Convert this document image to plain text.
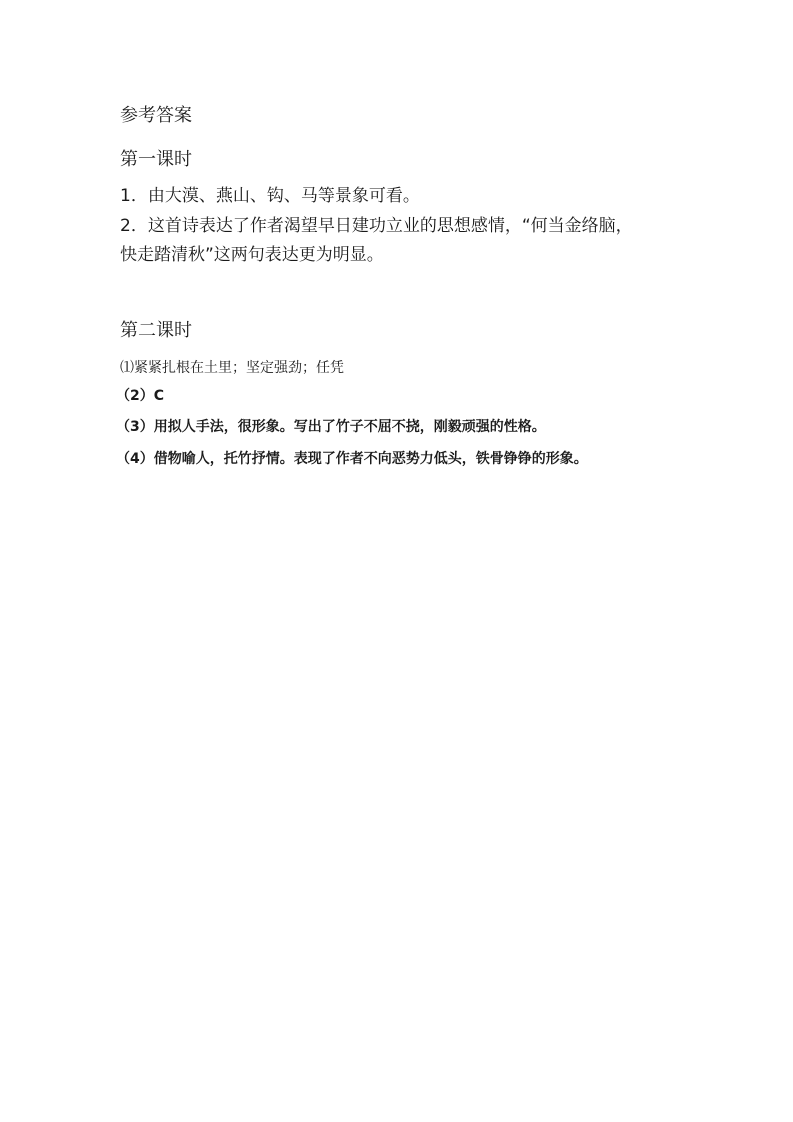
参考答案
第一课时
1．由大漠、燕山、钩、马等景象可看。
2．这首诗表达了作者渴望早日建功立业的思想感情，“何当金络脑，
快走踏清秋”这两句表达更为明显。
第二课时
⑴紧紧扎根在土里；坚定强劲；任凭
（2）C
（3）用拟人手法，很形象。写出了竹子不屈不挠，刚毅顽强的性格。
（4）借物喻人，托竹抒情。表现了作者不向恶势力低头，铁骨铮铮的形象。
